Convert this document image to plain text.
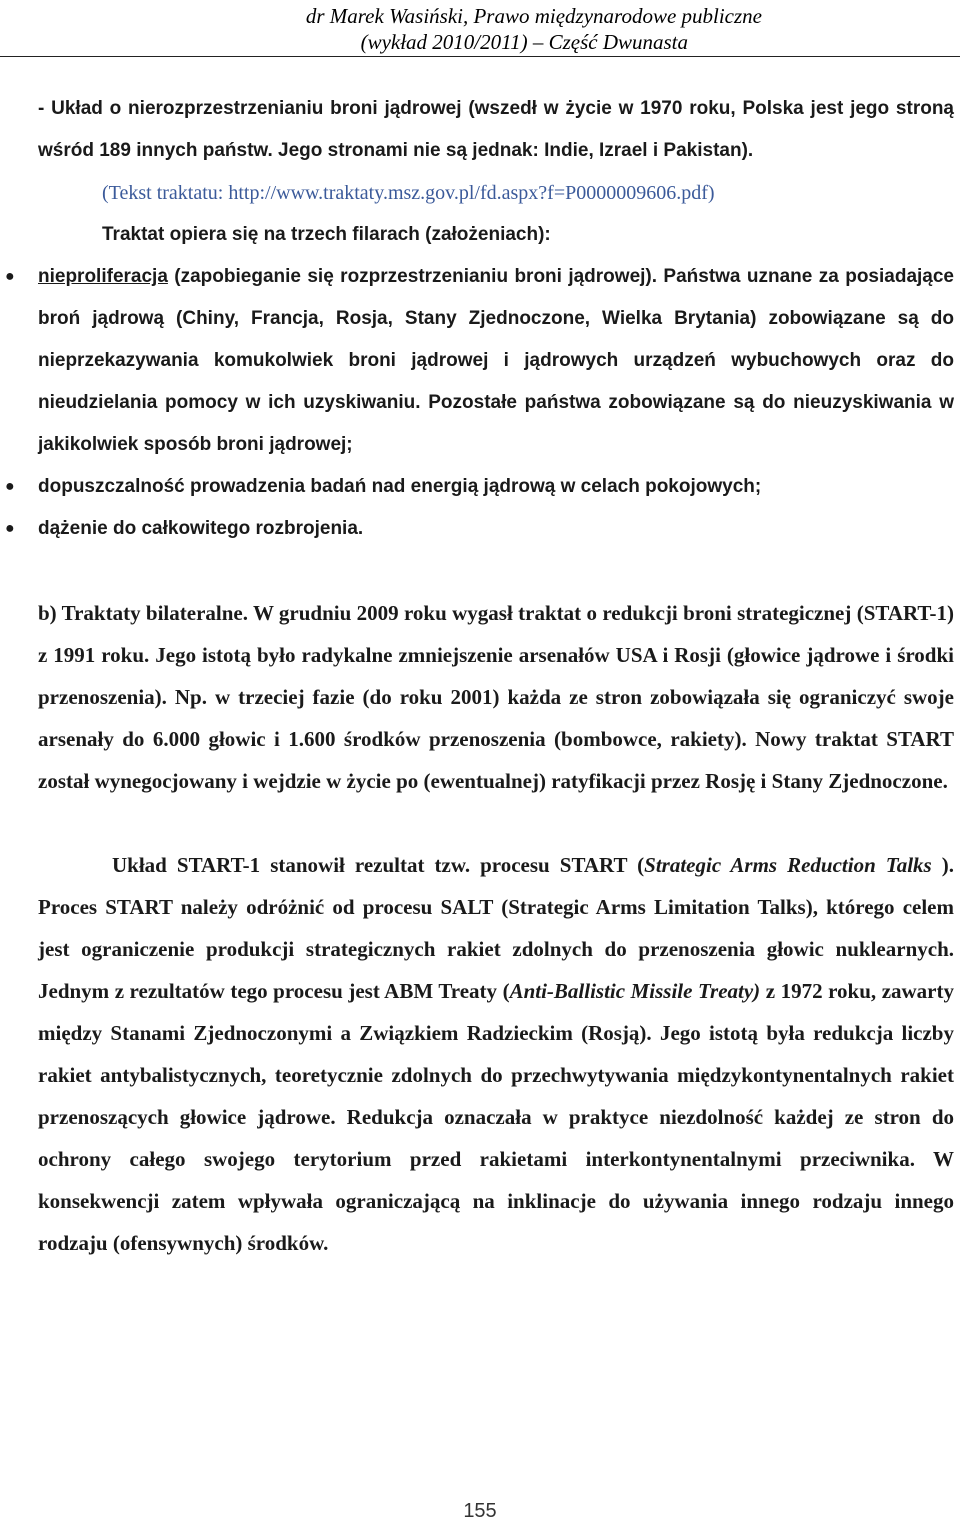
dr Marek Wasiński, Prawo międzynarodowe publiczne
(wykład 2010/2011) – Część Dwunasta

- Układ o nierozprzestrzenianiu broni jądrowej (wszedł w życie w 1970 roku, Polska jest jego stroną wśród 189 innych państw. Jego stronami nie są jednak: Indie, Izrael i Pakistan).

(Tekst traktatu: http://www.traktaty.msz.gov.pl/fd.aspx?f=P0000009606.pdf)

Traktat opiera się na trzech filarach (założeniach):

● nieproliferacja (zapobieganie się rozprzestrzenianiu broni jądrowej). Państwa uznane za posiadające broń jądrową (Chiny, Francja, Rosja, Stany Zjednoczone, Wielka Brytania) zobowiązane są do nieprzekazywania komukolwiek broni jądrowej i jądrowych urządzeń wybuchowych oraz do nieudzielania pomocy w ich uzyskiwaniu. Pozostałe państwa zobowiązane są do nieuzyskiwania w jakikolwiek sposób broni jądrowej;
● dopuszczalność prowadzenia badań nad energią jądrową w celach pokojowych;
● dążenie do całkowitego rozbrojenia.

b) Traktaty bilateralne. W grudniu 2009 roku wygasł traktat o redukcji broni strategicznej (START-1) z 1991 roku. Jego istotą było radykalne zmniejszenie arsenałów USA i Rosji (głowice jądrowe i środki przenoszenia). Np. w trzeciej fazie (do roku 2001) każda ze stron zobowiązała się ograniczyć swoje arsenały do 6.000 głowic i 1.600 środków przenoszenia (bombowce, rakiety). Nowy traktat START został wynegocjowany i wejdzie w życie po (ewentualnej) ratyfikacji przez Rosję i Stany Zjednoczone.

Układ START-1 stanowił rezultat tzw. procesu START (Strategic Arms Reduction Talks ). Proces START należy odróżnić od procesu SALT (Strategic Arms Limitation Talks), którego celem jest ograniczenie produkcji strategicznych rakiet zdolnych do przenoszenia głowic nuklearnych. Jednym z rezultatów tego procesu jest ABM Treaty (Anti-Ballistic Missile Treaty) z 1972 roku, zawarty między Stanami Zjednoczonymi a Związkiem Radzieckim (Rosją). Jego istotą była redukcja liczby rakiet antybalistycznych, teoretycznie zdolnych do przechwytywania międzykontynentalnych rakiet przenoszących głowice jądrowe. Redukcja oznaczała w praktyce niezdolność każdej ze stron do ochrony całego swojego terytorium przed rakietami interkontynentalnymi przeciwnika. W konsekwencji zatem wpływała ograniczającą na inklinacje do używania innego rodzaju innego rodzaju (ofensywnych) środków.

155
